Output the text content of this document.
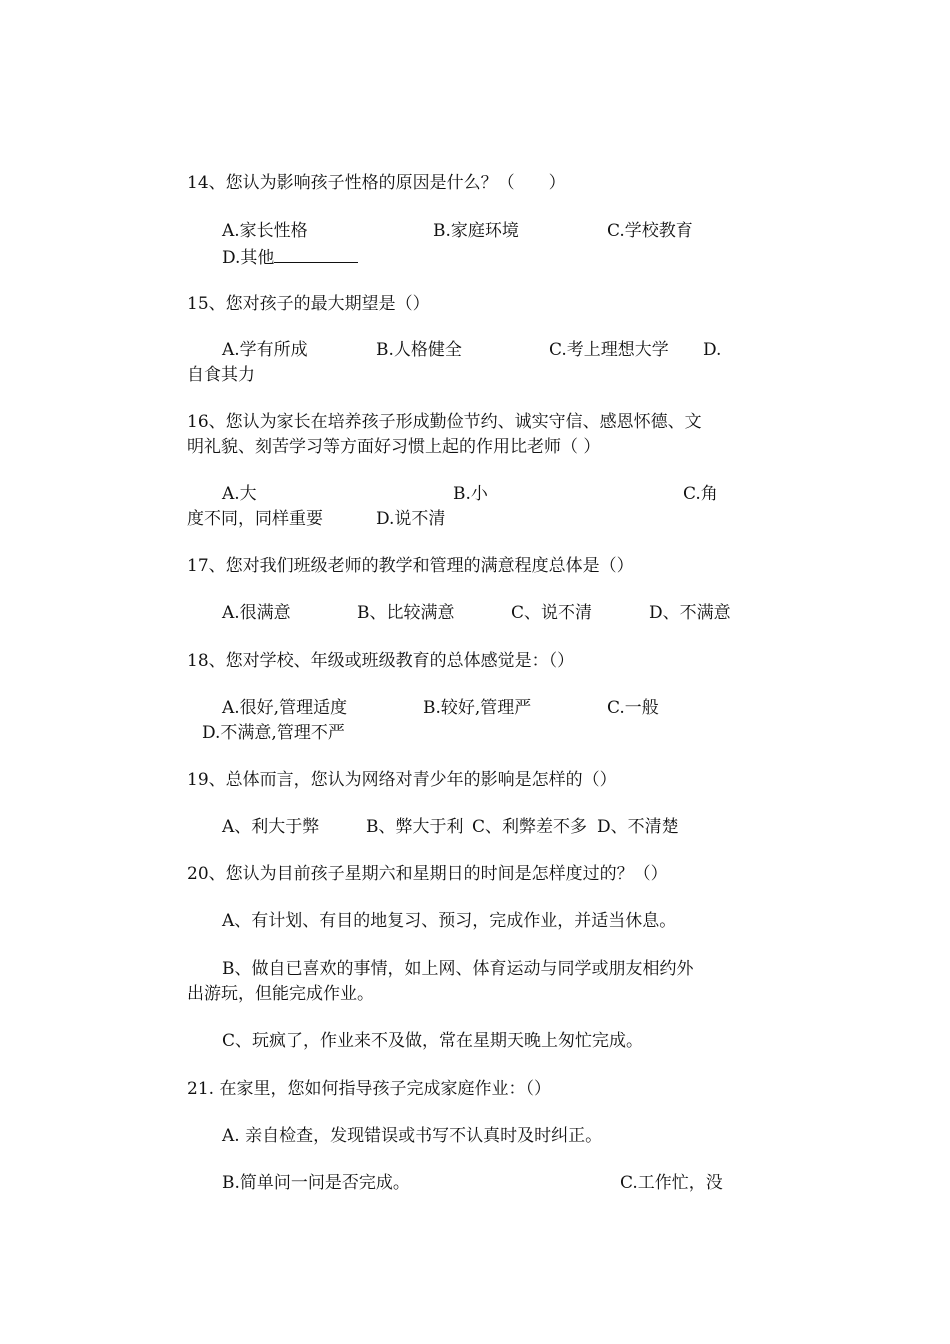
14、您认为影响孩子性格的原因是什么？（　　）
A.家长性格	B.家庭环境	C.学校教育
D.其他
15、您对孩子的最大期望是（）
A.学有所成	B.人格健全	C.考上理想大学 D.
自食其力
16、您认为家长在培养孩子形成勤俭节约、诚实守信、感恩怀德、文
明礼貌、刻苦学习等方面好习惯上起的作用比老师（ ）
A.大	B.小	C.角
度不同，同样重要	D.说不清
17、您对我们班级老师的教学和管理的满意程度总体是（）
A.很满意	B、比较满意	C、说不清	D、不满意
18、您对学校、年级或班级教育的总体感觉是：（）
A.很好,管理适度	B.较好,管理严	C.一般
D.不满意,管理不严
19、总体而言，您认为网络对青少年的影响是怎样的（）
A、利大于弊	B、弊大于利 C、利弊差不多 D、不清楚
20、您认为目前孩子星期六和星期日的时间是怎样度过的？（）
A、有计划、有目的地复习、预习，完成作业，并适当休息。
B、做自已喜欢的事情，如上网、体育运动与同学或朋友相约外
出游玩，但能完成作业。
C、玩疯了，作业来不及做，常在星期天晚上匆忙完成。
21. 在家里，您如何指导孩子完成家庭作业：（）
A. 亲自检查，发现错误或书写不认真时及时纠正。
B.简单问一问是否完成。	C.工作忙，没
